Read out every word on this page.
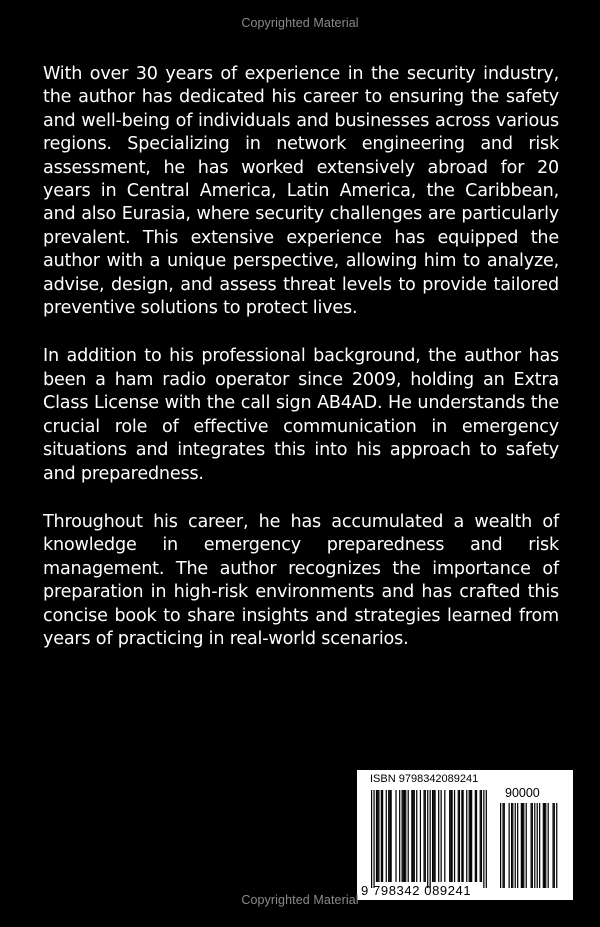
Copyrighted Material

With over 30 years of experience in the security industry, the author has dedicated his career to ensuring the safety and well-being of individuals and businesses across various regions. Specializing in network engineering and risk assessment, he has worked extensively abroad for 20 years in Central America, Latin America, the Caribbean, and also Eurasia, where security challenges are particularly prevalent. This extensive experience has equipped the author with a unique perspective, allowing him to analyze, advise, design, and assess threat levels to provide tailored preventive solutions to protect lives.

In addition to his professional background, the author has been a ham radio operator since 2009, holding an Extra Class License with the call sign AB4AD. He understands the crucial role of effective communication in emergency situations and integrates this into his approach to safety and preparedness.

Throughout his career, he has accumulated a wealth of knowledge in emergency preparedness and risk management. The author recognizes the importance of preparation in high-risk environments and has crafted this concise book to share insights and strategies learned from years of practicing in real-world scenarios.

ISBN 9798342089241
90000
9 798342 089241
Copyrighted Material
